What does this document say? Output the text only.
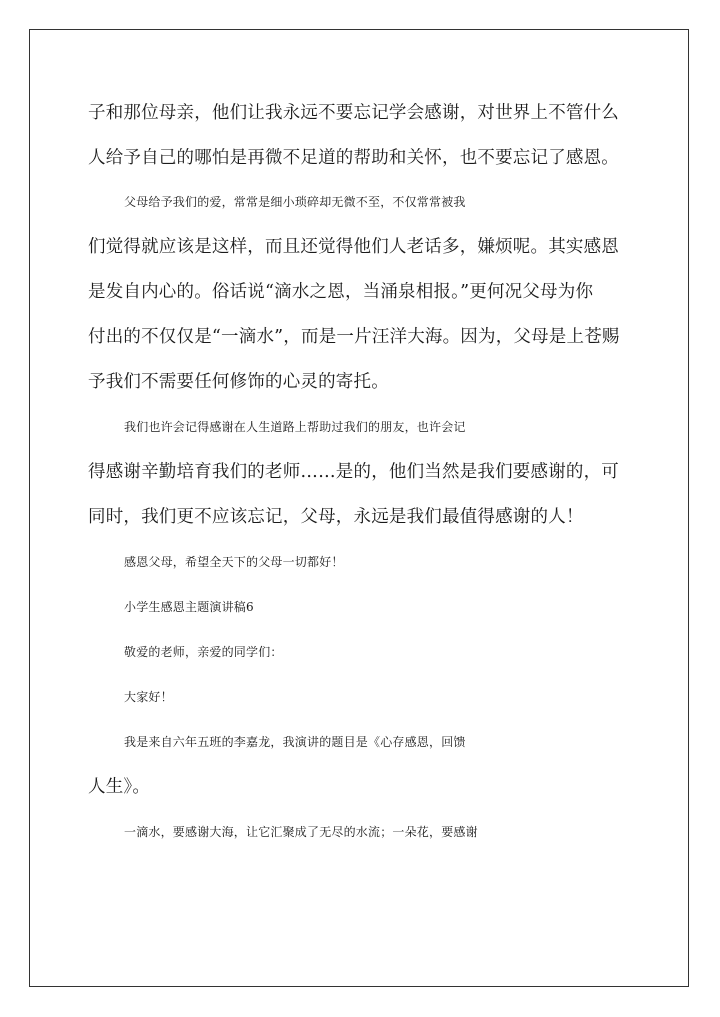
子和那位母亲，他们让我永远不要忘记学会感谢，对世界上不管什么
人给予自己的哪怕是再微不足道的帮助和关怀，也不要忘记了感恩。
父母给予我们的爱，常常是细小琐碎却无微不至，不仅常常被我
们觉得就应该是这样，而且还觉得他们人老话多，嫌烦呢。其实感恩
是发自内心的。俗话说“滴水之恩，当涌泉相报。”更何况父母为你
付出的不仅仅是“一滴水”，而是一片汪洋大海。因为，父母是上苍赐
予我们不需要任何修饰的心灵的寄托。
我们也许会记得感谢在人生道路上帮助过我们的朋友，也许会记
得感谢辛勤培育我们的老师……是的，他们当然是我们要感谢的，可
同时，我们更不应该忘记，父母，永远是我们最值得感谢的人！
感恩父母，希望全天下的父母一切都好！
小学生感恩主题演讲稿6
敬爱的老师，亲爱的同学们：
大家好！
我是来自六年五班的李嘉龙，我演讲的题目是《心存感恩，回馈
人生》。
一滴水，要感谢大海，让它汇聚成了无尽的水流；一朵花，要感谢
